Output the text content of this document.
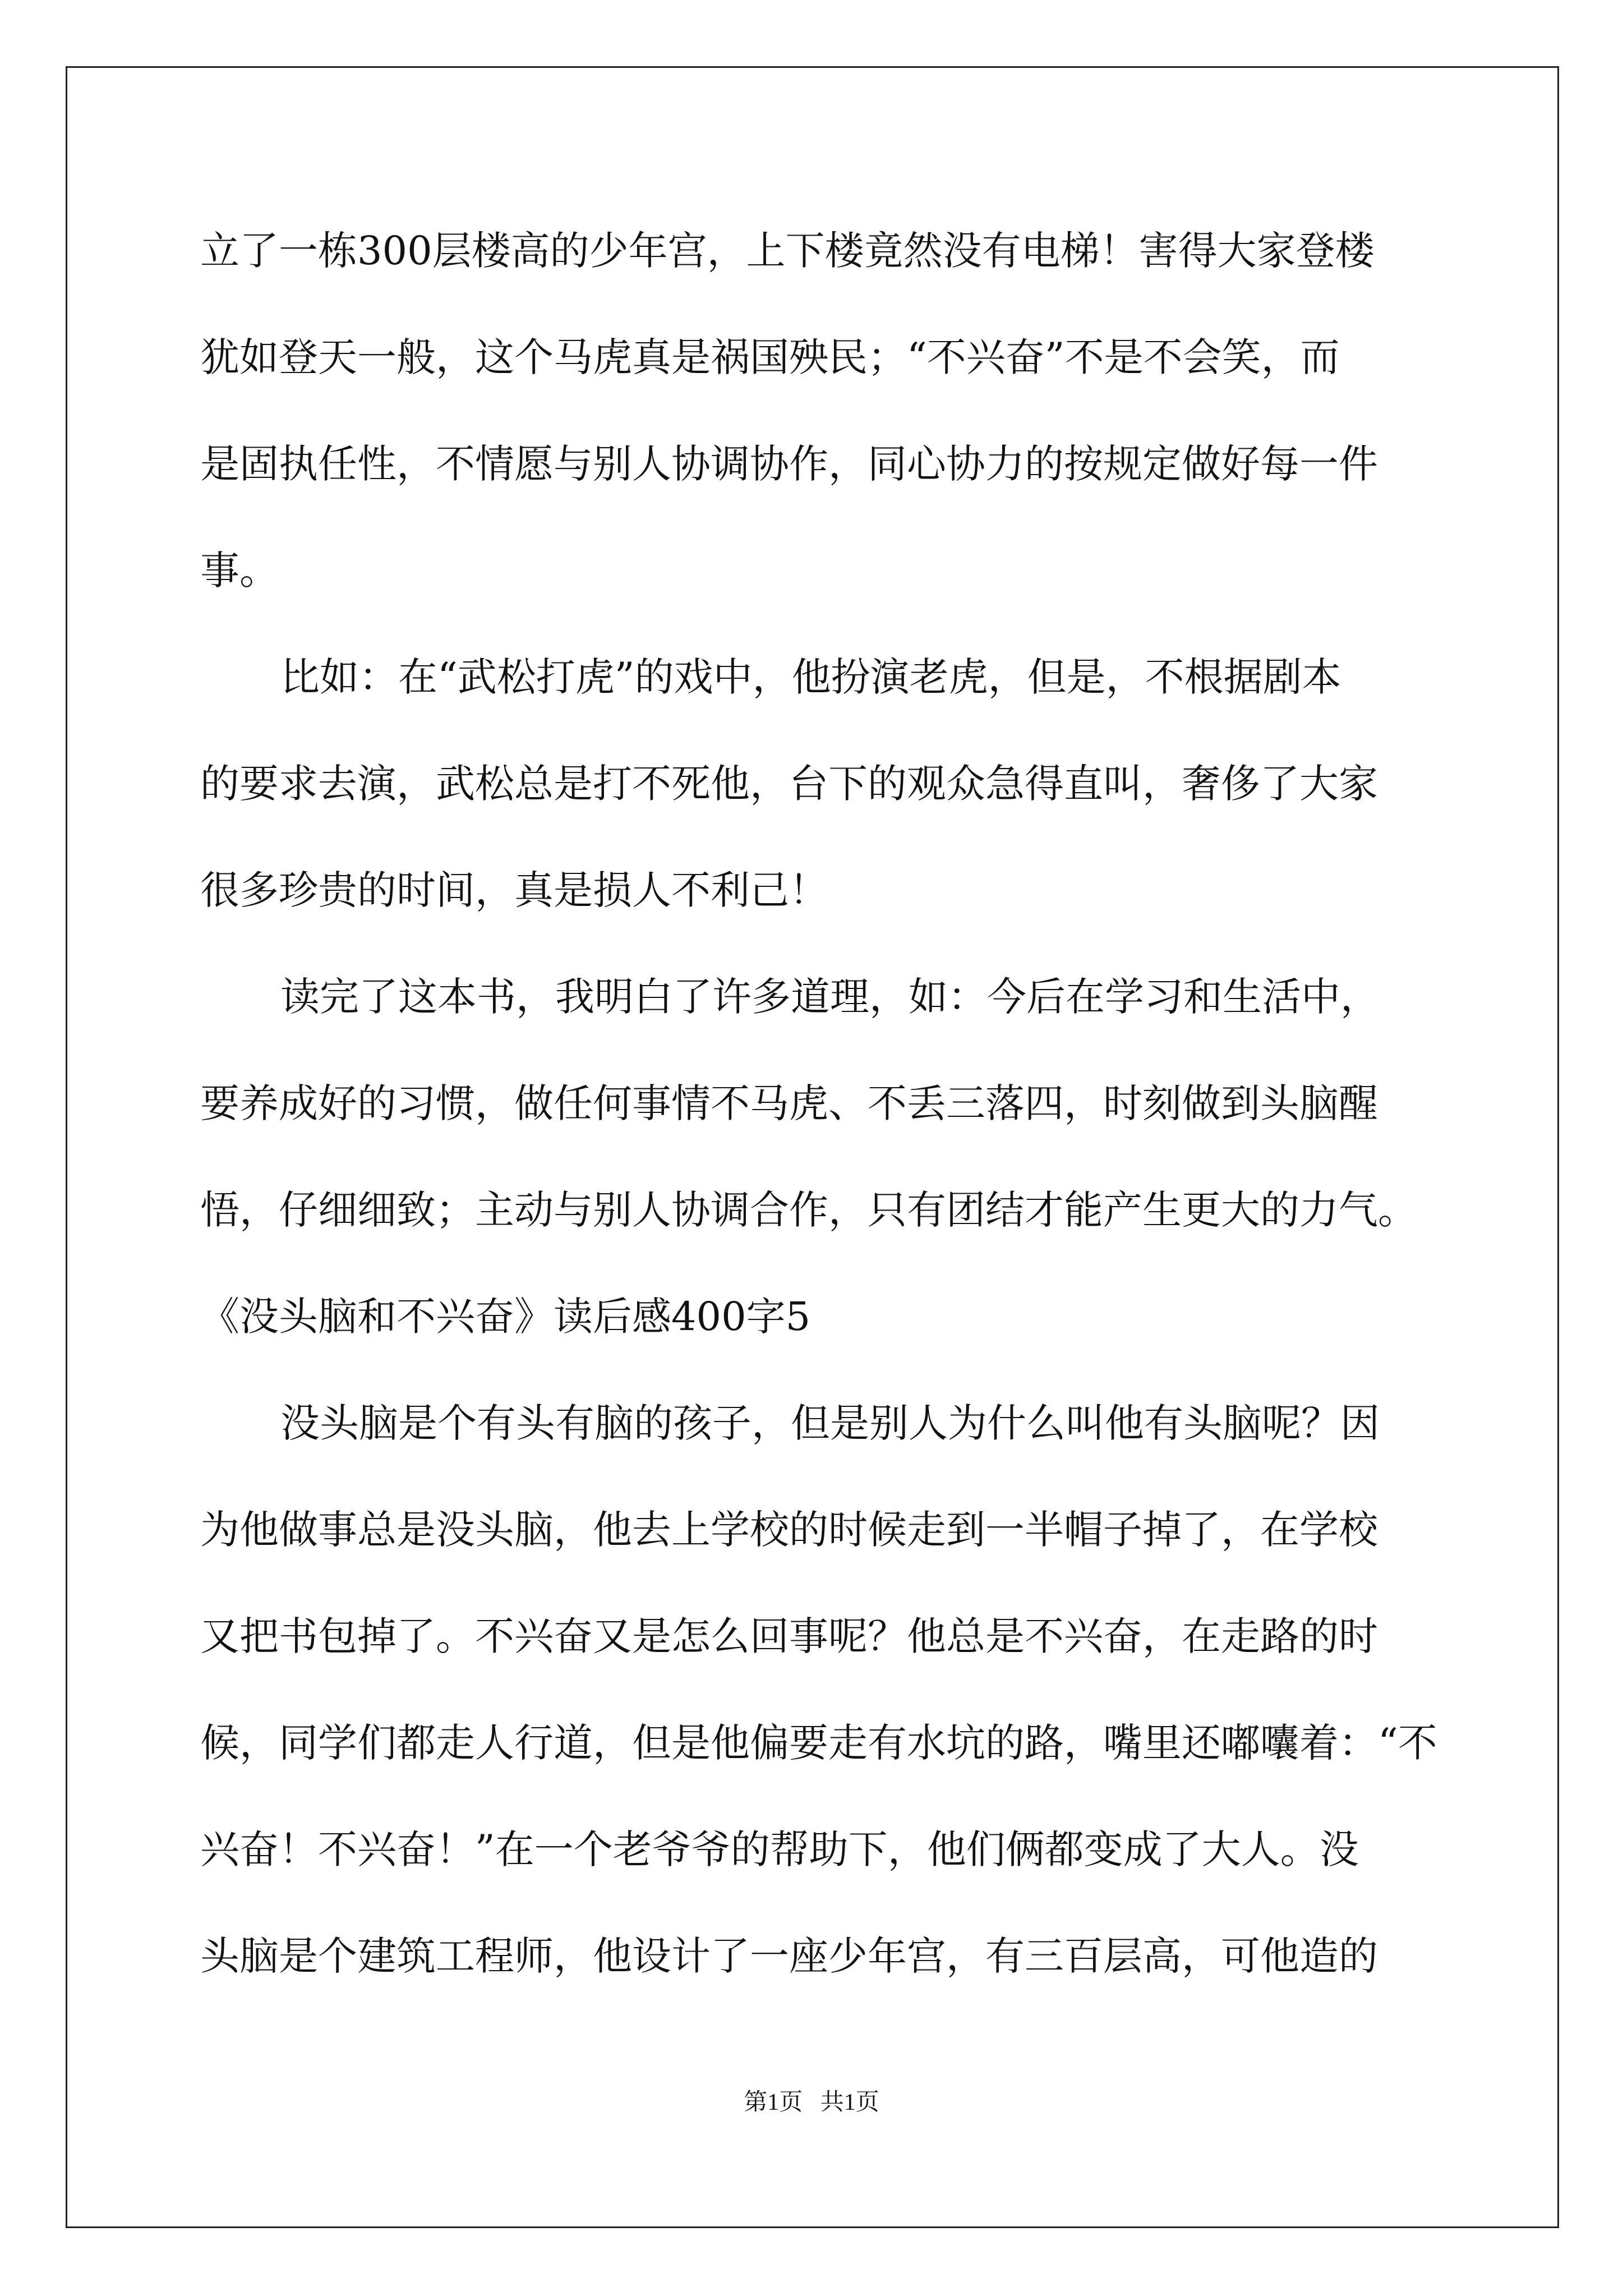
立了一栋300层楼高的少年宫，上下楼竟然没有电梯！害得大家登楼
犹如登天一般，这个马虎真是祸国殃民；“不兴奋”不是不会笑，而
是固执任性，不情愿与别人协调协作，同心协力的按规定做好每一件
事。
比如：在“武松打虎”的戏中，他扮演老虎，但是，不根据剧本
的要求去演，武松总是打不死他，台下的观众急得直叫，奢侈了大家
很多珍贵的时间，真是损人不利己！
读完了这本书，我明白了许多道理，如：今后在学习和生活中，
要养成好的习惯，做任何事情不马虎、不丢三落四，时刻做到头脑醒
悟，仔细细致；主动与别人协调合作，只有团结才能产生更大的力气。
《没头脑和不兴奋》读后感400字5
没头脑是个有头有脑的孩子，但是别人为什么叫他有头脑呢？因
为他做事总是没头脑，他去上学校的时候走到一半帽子掉了，在学校
又把书包掉了。不兴奋又是怎么回事呢？他总是不兴奋，在走路的时
候，同学们都走人行道，但是他偏要走有水坑的路，嘴里还嘟囔着：“不
兴奋！不兴奋！”在一个老爷爷的帮助下，他们俩都变成了大人。没
头脑是个建筑工程师，他设计了一座少年宫，有三百层高，可他造的
第1页   共1页
